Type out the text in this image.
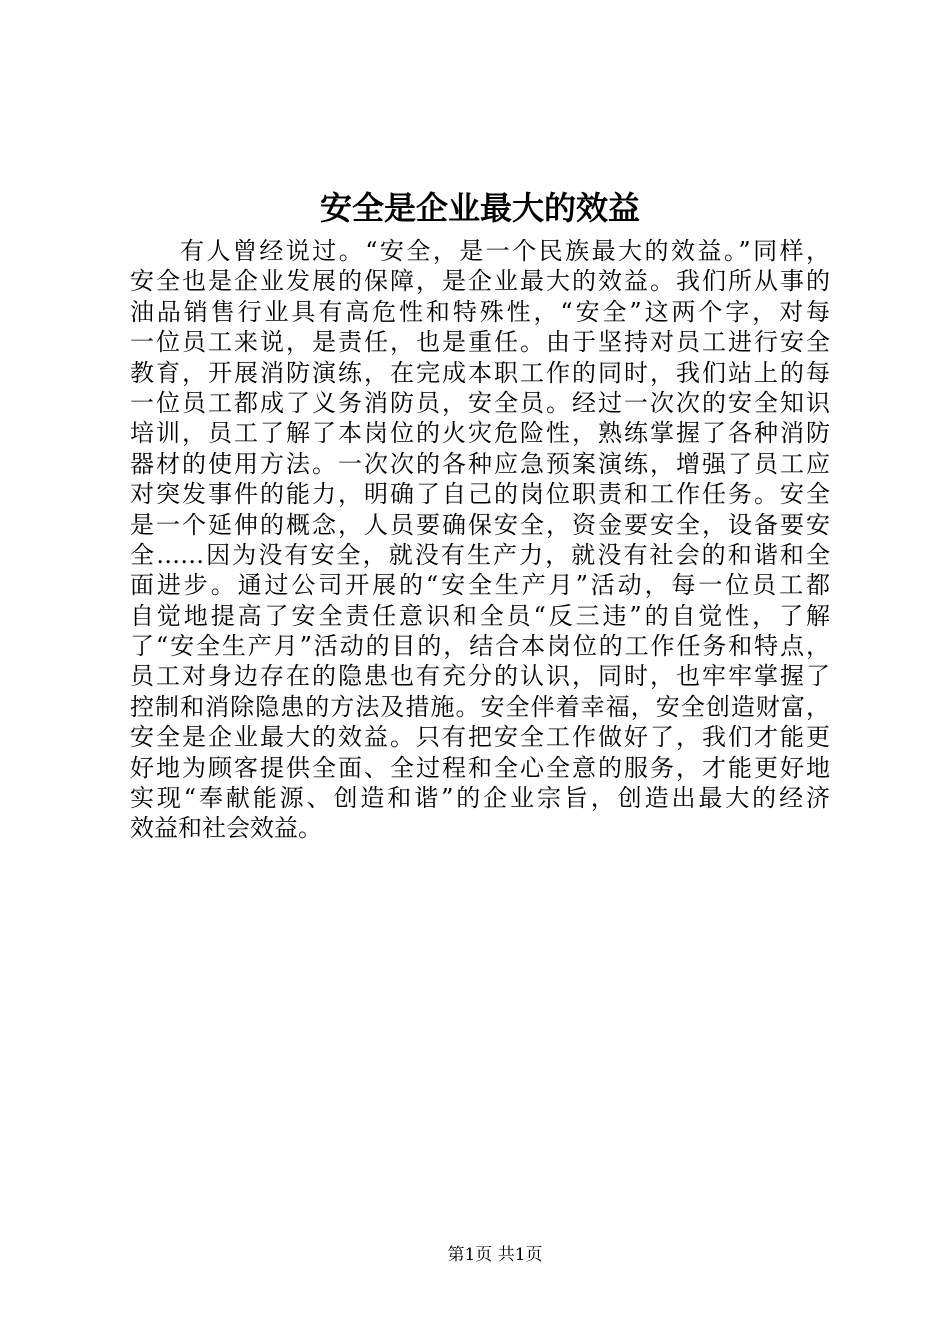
安全是企业最大的效益
有人曾经说过。“安全，是一个民族最大的效益。”同样，
安全也是企业发展的保障，是企业最大的效益。我们所从事的
油品销售行业具有高危性和特殊性，“安全”这两个字，对每
一位员工来说，是责任，也是重任。由于坚持对员工进行安全
教育，开展消防演练，在完成本职工作的同时，我们站上的每
一位员工都成了义务消防员，安全员。经过一次次的安全知识
培训，员工了解了本岗位的火灾危险性，熟练掌握了各种消防
器材的使用方法。一次次的各种应急预案演练，增强了员工应
对突发事件的能力，明确了自己的岗位职责和工作任务。安全
是一个延伸的概念，人员要确保安全，资金要安全，设备要安
全……因为没有安全，就没有生产力，就没有社会的和谐和全
面进步。通过公司开展的“安全生产月”活动，每一位员工都
自觉地提高了安全责任意识和全员“反三违”的自觉性，了解
了“安全生产月”活动的目的，结合本岗位的工作任务和特点，
员工对身边存在的隐患也有充分的认识，同时，也牢牢掌握了
控制和消除隐患的方法及措施。安全伴着幸福，安全创造财富，
安全是企业最大的效益。只有把安全工作做好了，我们才能更
好地为顾客提供全面、全过程和全心全意的服务，才能更好地
实现“奉献能源、创造和谐”的企业宗旨，创造出最大的经济
效益和社会效益。
第1页 共1页
